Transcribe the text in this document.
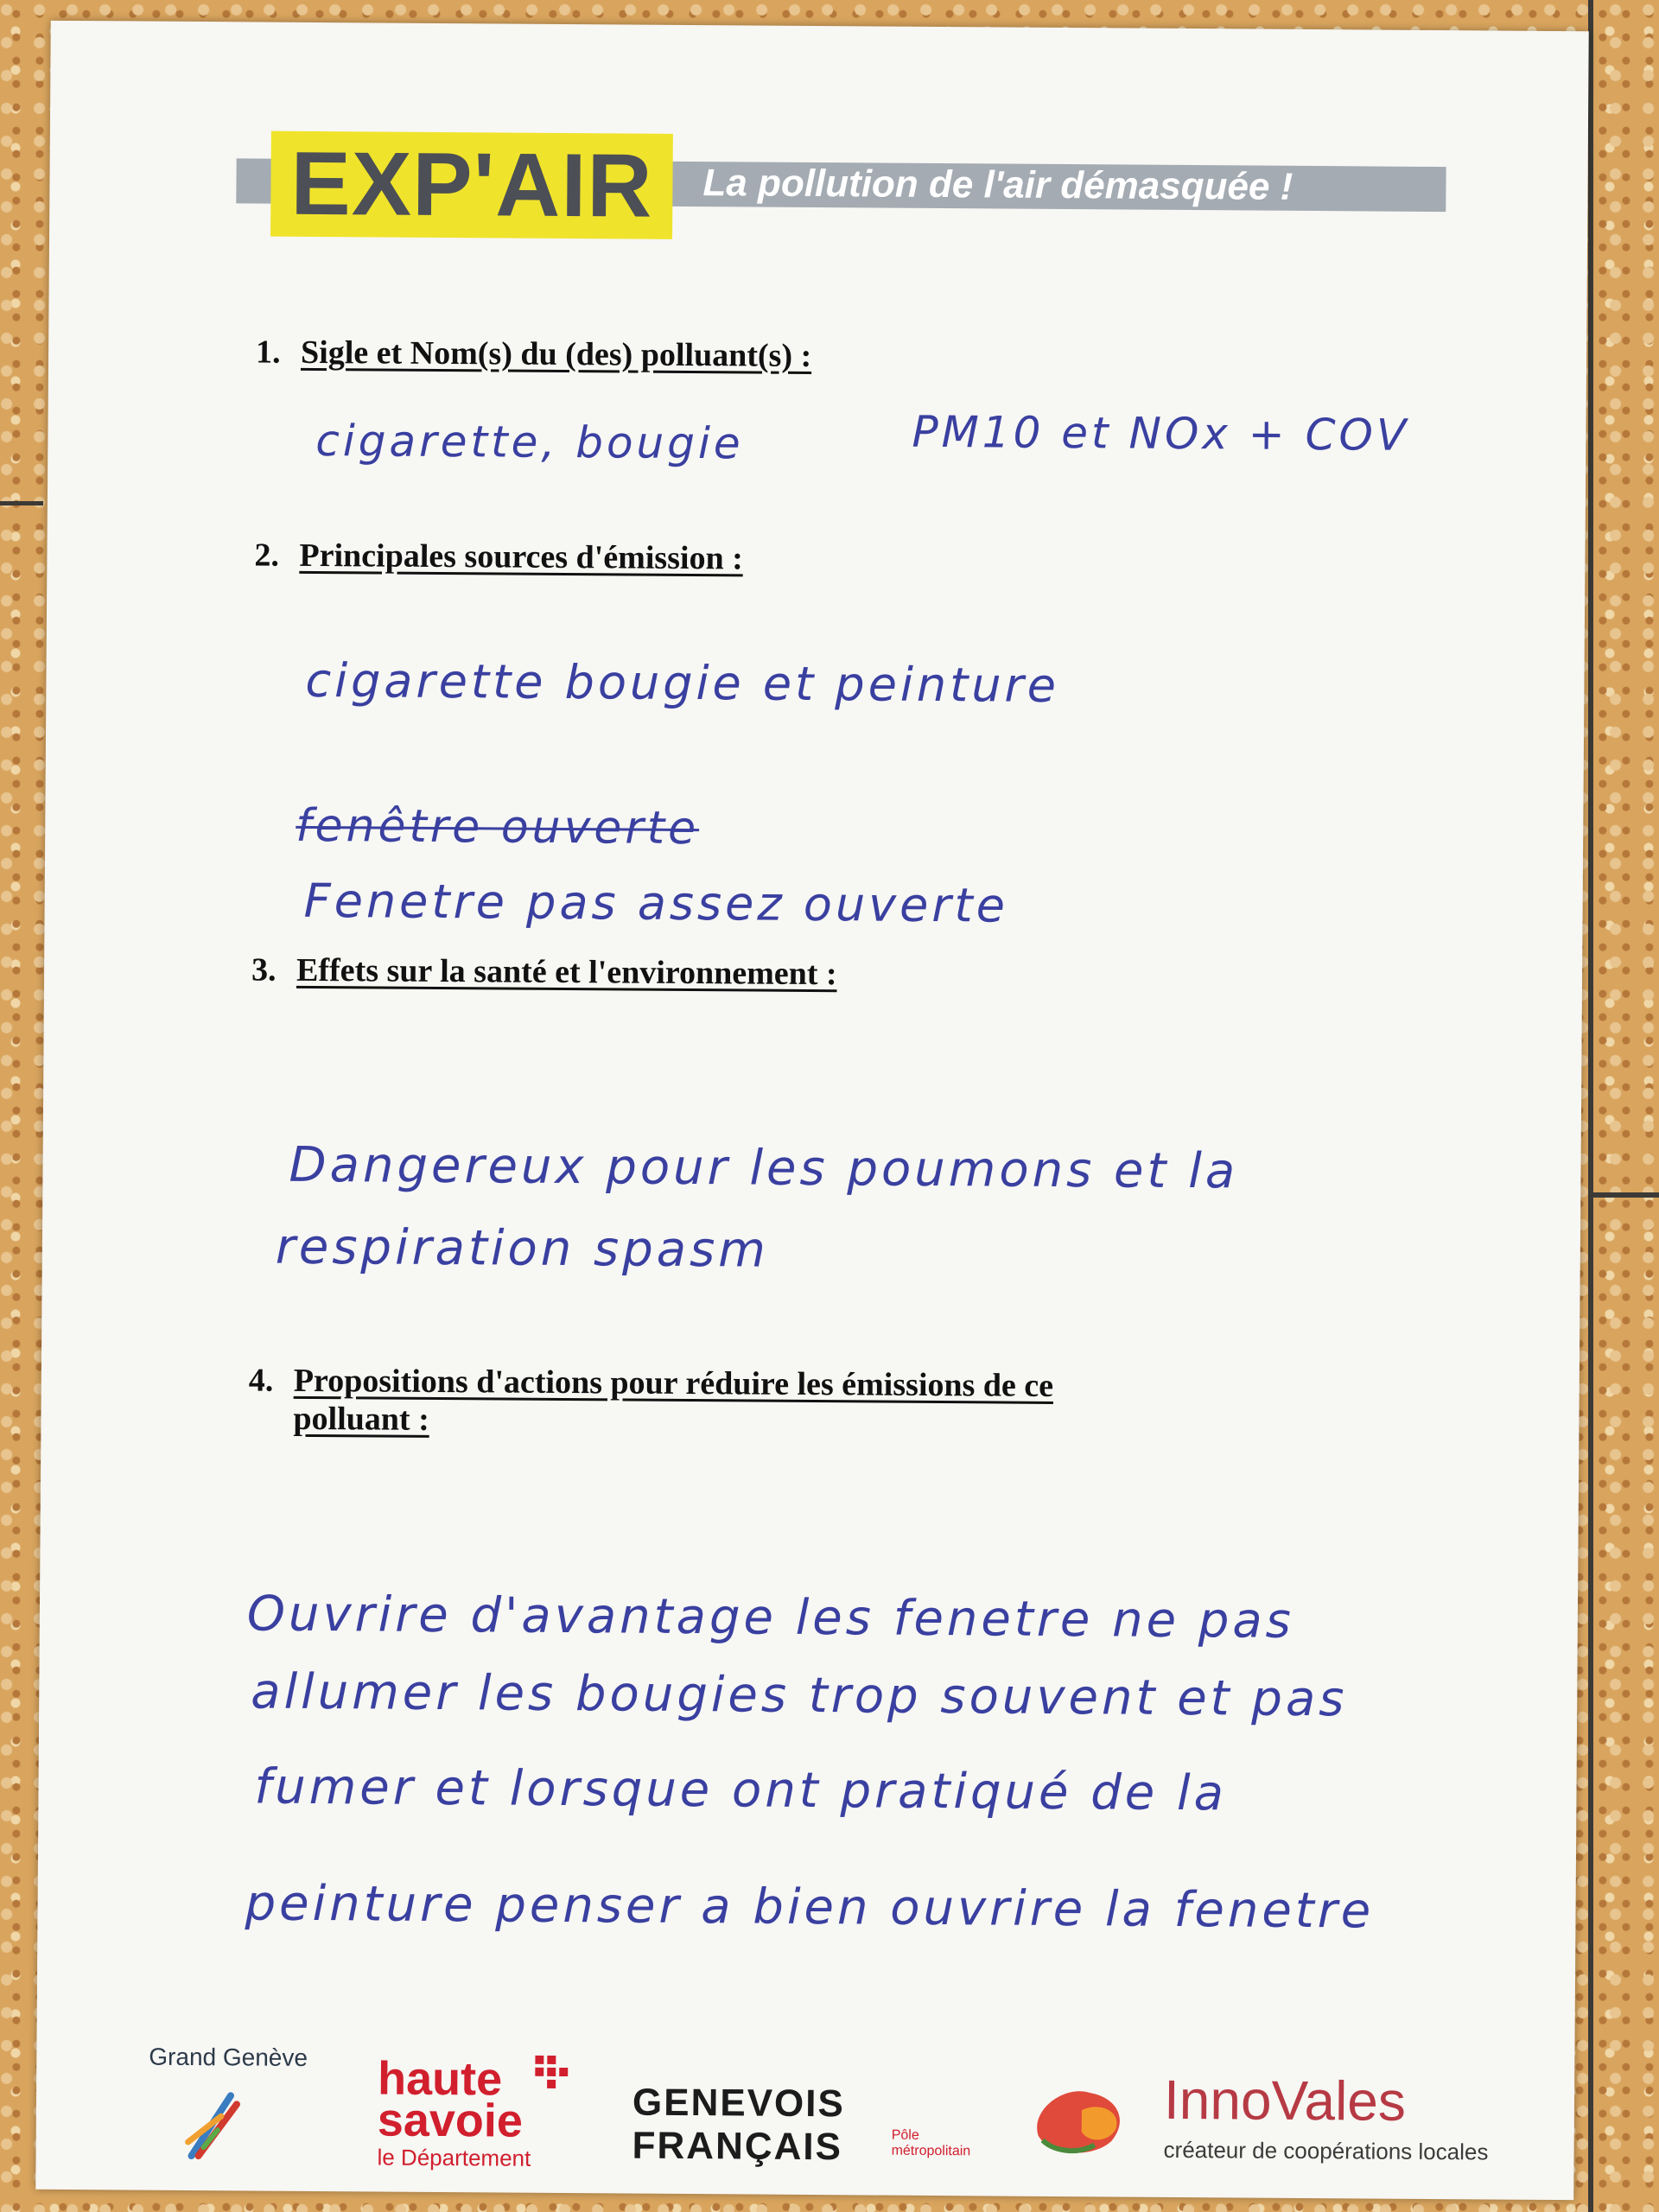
EXP'AIR La pollution de l'air démasquée !
1. Sigle et Nom(s) du (des) polluant(s) :
cigarette, bougie	PM10 et NOx + COV
2. Principales sources d'émission :
cigarette bougie et peinture
fenêtre ouverte
Fenetre pas assez ouverte
3. Effets sur la santé et l'environnement :
Dangereux pour les poumons et la
respiration spasm
4. Propositions d'actions pour réduire les émissions de ce
polluant :
Ouvrire d'avantage les fenetre ne pas
allumer les bougies trop souvent et pas
fumer et lorsque ont pratiqué de la
peinture penser a bien ouvrire la fenetre
Grand Genève	haute
savoie
le Département
GENEVOIS
FRANÇAIS	Pôle métropolitain
InnoVales
créateur de coopérations locales
